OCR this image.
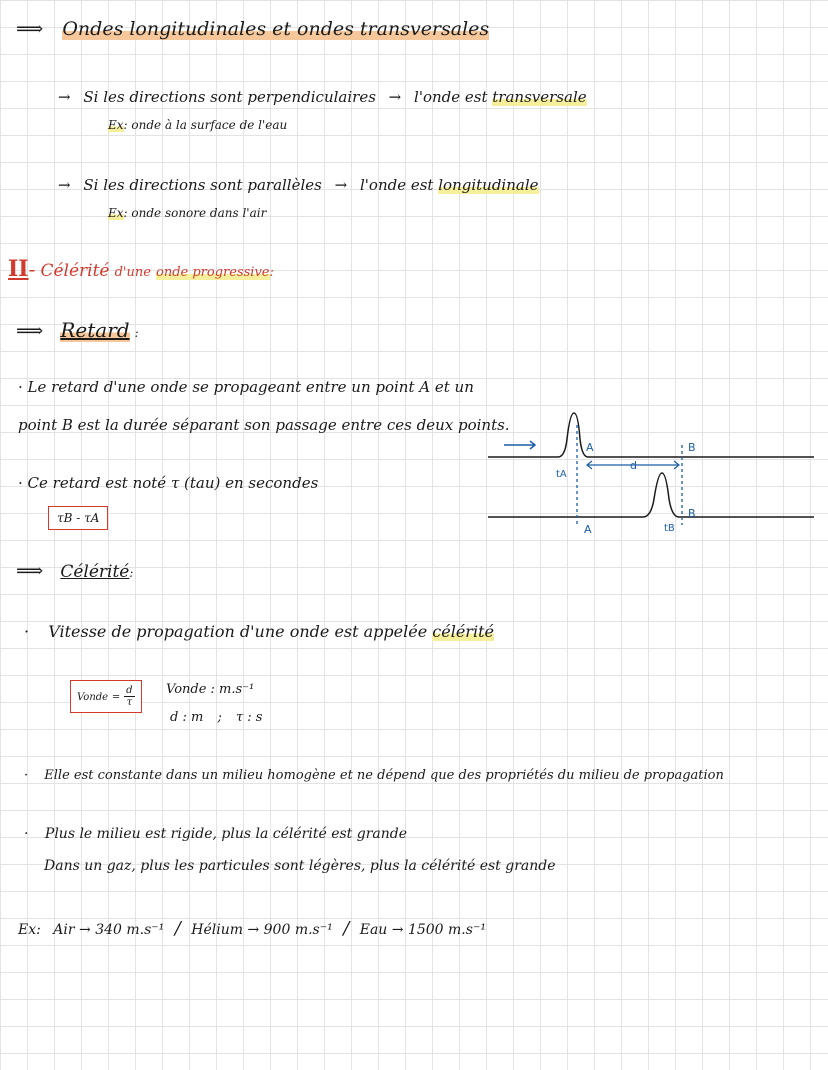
⟹ Ondes longitudinales et ondes transversales
→ Si les directions sont perpendiculaires → l'onde est transversale
Ex: onde à la surface de l'eau
→ Si les directions sont parallèles → l'onde est longitudinale
Ex: onde sonore dans l'air
II- Célérité d'une onde progressive:
⟹ Retard :
· Le retard d'une onde se propageant entre un point A et un
point B est la durée séparant son passage entre ces deux points.
· Ce retard est noté τ (tau) en secondes
τB - τA
A
A
B
B
d
tA
tB
⟹ Célérité:
· Vitesse de propagation d'une onde est appelée célérité
Vonde = $\frac{d}{\tau}$ Vonde : m.s⁻¹
d : m ; τ : s
· Elle est constante dans un milieu homogène et ne dépend que des propriétés du milieu de propagation
· Plus le milieu est rigide, plus la célérité est grande
Dans un gaz, plus les particules sont légères, plus la célérité est grande
Ex: Air → 340 m.s⁻¹ / Hélium → 900 m.s⁻¹ / Eau → 1500 m.s⁻¹
